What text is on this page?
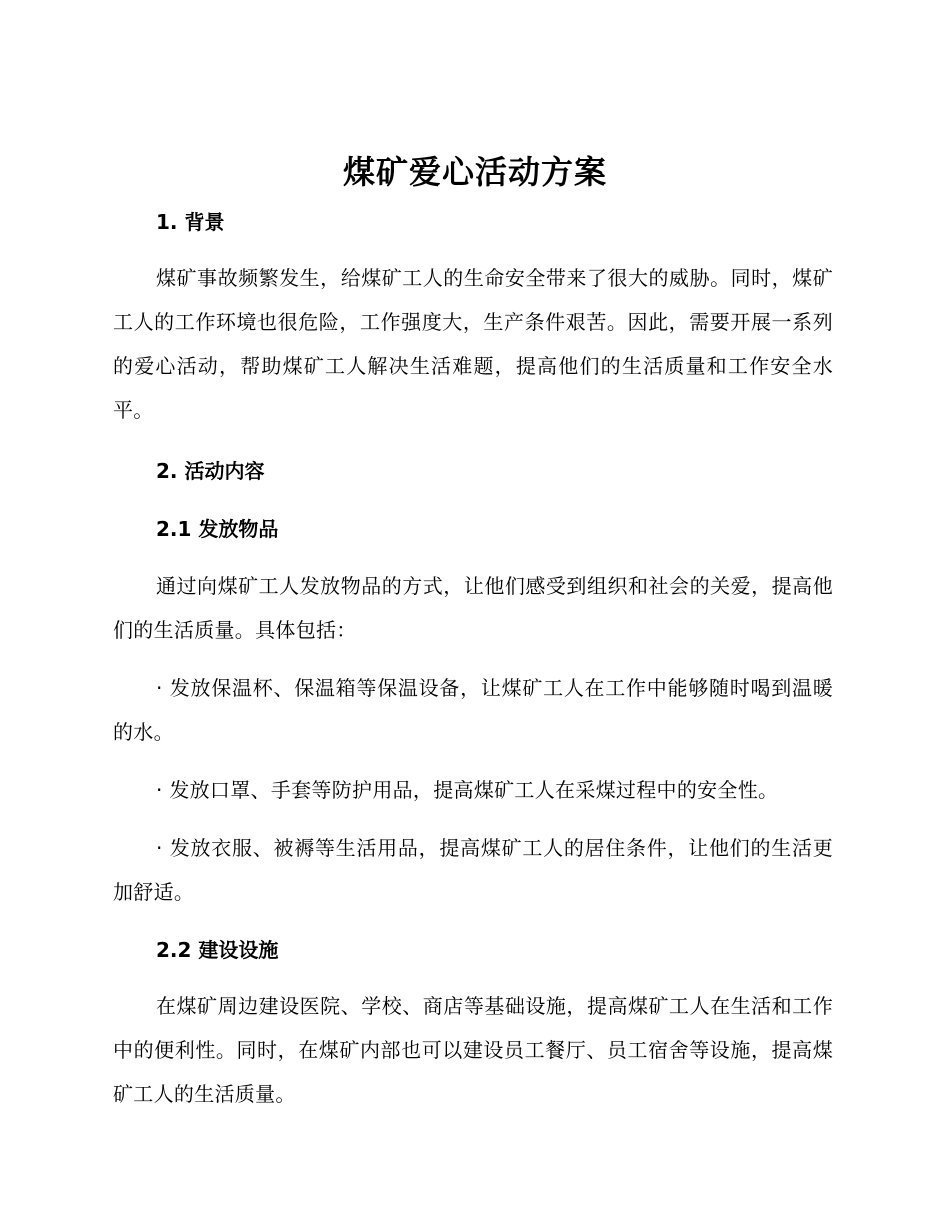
煤矿爱心活动方案
1. 背景
煤矿事故频繁发生，给煤矿工人的生命安全带来了很大的威胁。同时，煤矿工人的工作环境也很危险，工作强度大，生产条件艰苦。因此，需要开展一系列的爱心活动，帮助煤矿工人解决生活难题，提高他们的生活质量和工作安全水平。
2. 活动内容
2.1 发放物品
通过向煤矿工人发放物品的方式，让他们感受到组织和社会的关爱，提高他们的生活质量。具体包括：
· 发放保温杯、保温箱等保温设备，让煤矿工人在工作中能够随时喝到温暖的水。
· 发放口罩、手套等防护用品，提高煤矿工人在采煤过程中的安全性。
· 发放衣服、被褥等生活用品，提高煤矿工人的居住条件，让他们的生活更加舒适。
2.2 建设设施
在煤矿周边建设医院、学校、商店等基础设施，提高煤矿工人在生活和工作中的便利性。同时，在煤矿内部也可以建设员工餐厅、员工宿舍等设施，提高煤矿工人的生活质量。
